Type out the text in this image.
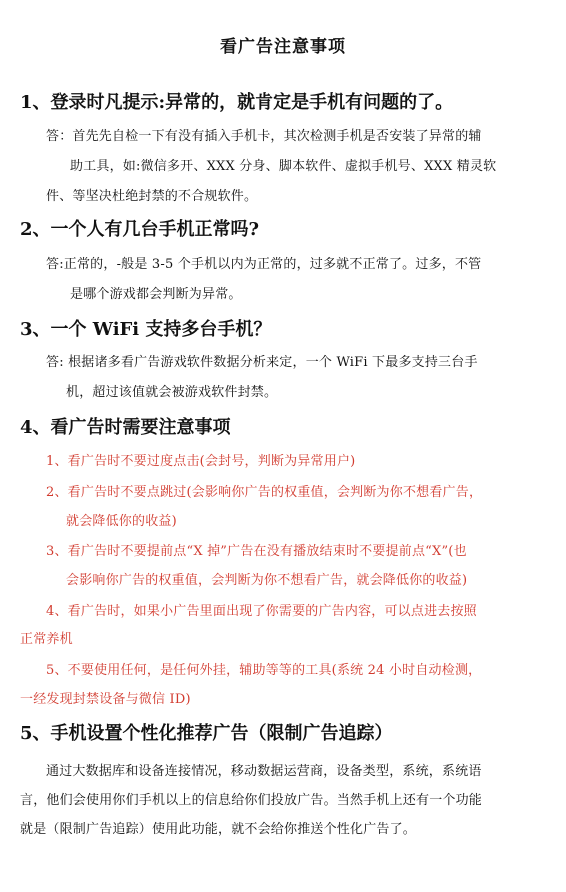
看广告注意事项
1、登录时凡提示:异常的，就肯定是手机有问题的了。
答：首先先自检一下有没有插入手机卡，其次检测手机是否安装了异常的辅
助工具，如:微信多开、XXX 分身、脚本软件、虚拟手机号、XXX 精灵软
件、等坚决杜绝封禁的不合规软件。
2、一个人有几台手机正常吗?
答:正常的，-般是 3-5 个手机以内为正常的，过多就不正常了。过多，不管
是哪个游戏都会判断为异常。
3、一个 WiFi 支持多台手机？
答: 根据诸多看广告游戏软件数据分析来定，一个 WiFi 下最多支持三台手
机，超过该值就会被游戏软件封禁。
4、看广告时需要注意事项
1、看广告时不要过度点击(会封号，判断为异常用户)
2、看广告时不要点跳过(会影响你广告的权重值，会判断为你不想看广告，
就会降低你的收益)
3、看广告时不要提前点“X 掉”广告在没有播放结束时不要提前点“X”(也
会影响你广告的权重值，会判断为你不想看广告，就会降低你的收益)
4、看广告时，如果小广告里面出现了你需要的广告内容，可以点进去按照
正常养机
5、不要使用任何，是任何外挂，辅助等等的工具(系统 24 小时自动检测，
一经发现封禁设备与微信 ID)
5、手机设置个性化推荐广告（限制广告追踪）
通过大数据库和设备连接情况，移动数据运营商，设备类型，系统，系统语
言，他们会使用你们手机以上的信息给你们投放广告。当然手机上还有一个功能
就是（限制广告追踪）使用此功能，就不会给你推送个性化广告了。
